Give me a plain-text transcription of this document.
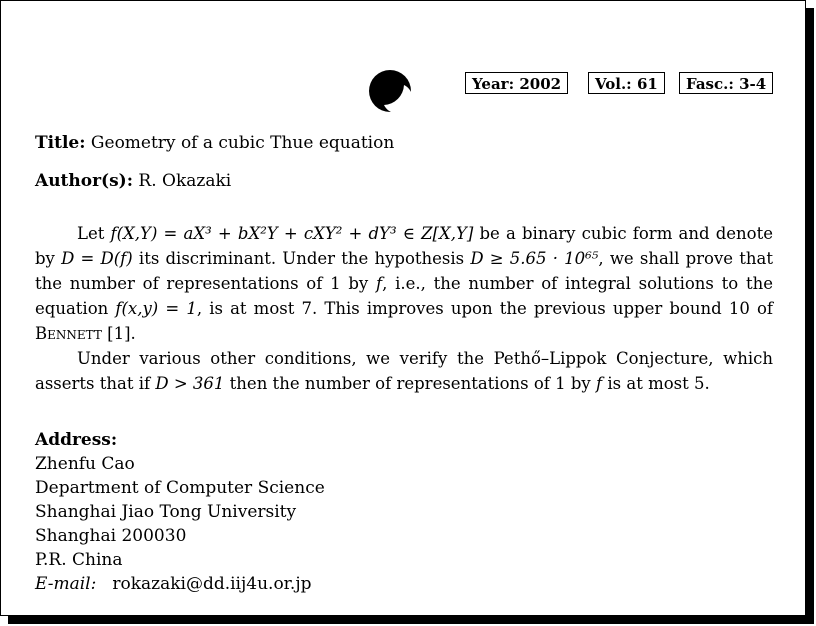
Year: 2002	Vol.: 61	Fasc.: 3-4
Title: Geometry of a cubic Thue equation
Author(s): R. Okazaki

Let f(X,Y) = aX³ + bX²Y + cXY² + dY³ ∈ Z[X,Y] be a binary cubic form and denote by D = D(f) its discriminant. Under the hypothesis D ≥ 5.65 · 10⁶⁵, we shall prove that the number of representations of 1 by f, i.e., the number of integral solutions to the equation f(x,y) = 1, is at most 7. This improves upon the previous upper bound 10 of Bennett [1].

Under various other conditions, we verify the Pethő–Lippok Conjecture, which asserts that if D > 361 then the number of representations of 1 by f is at most 5.

Address:
Zhenfu Cao
Department of Computer Science
Shanghai Jiao Tong University
Shanghai 200030
P.R. China
E-mail: rokazaki@dd.iij4u.or.jp
